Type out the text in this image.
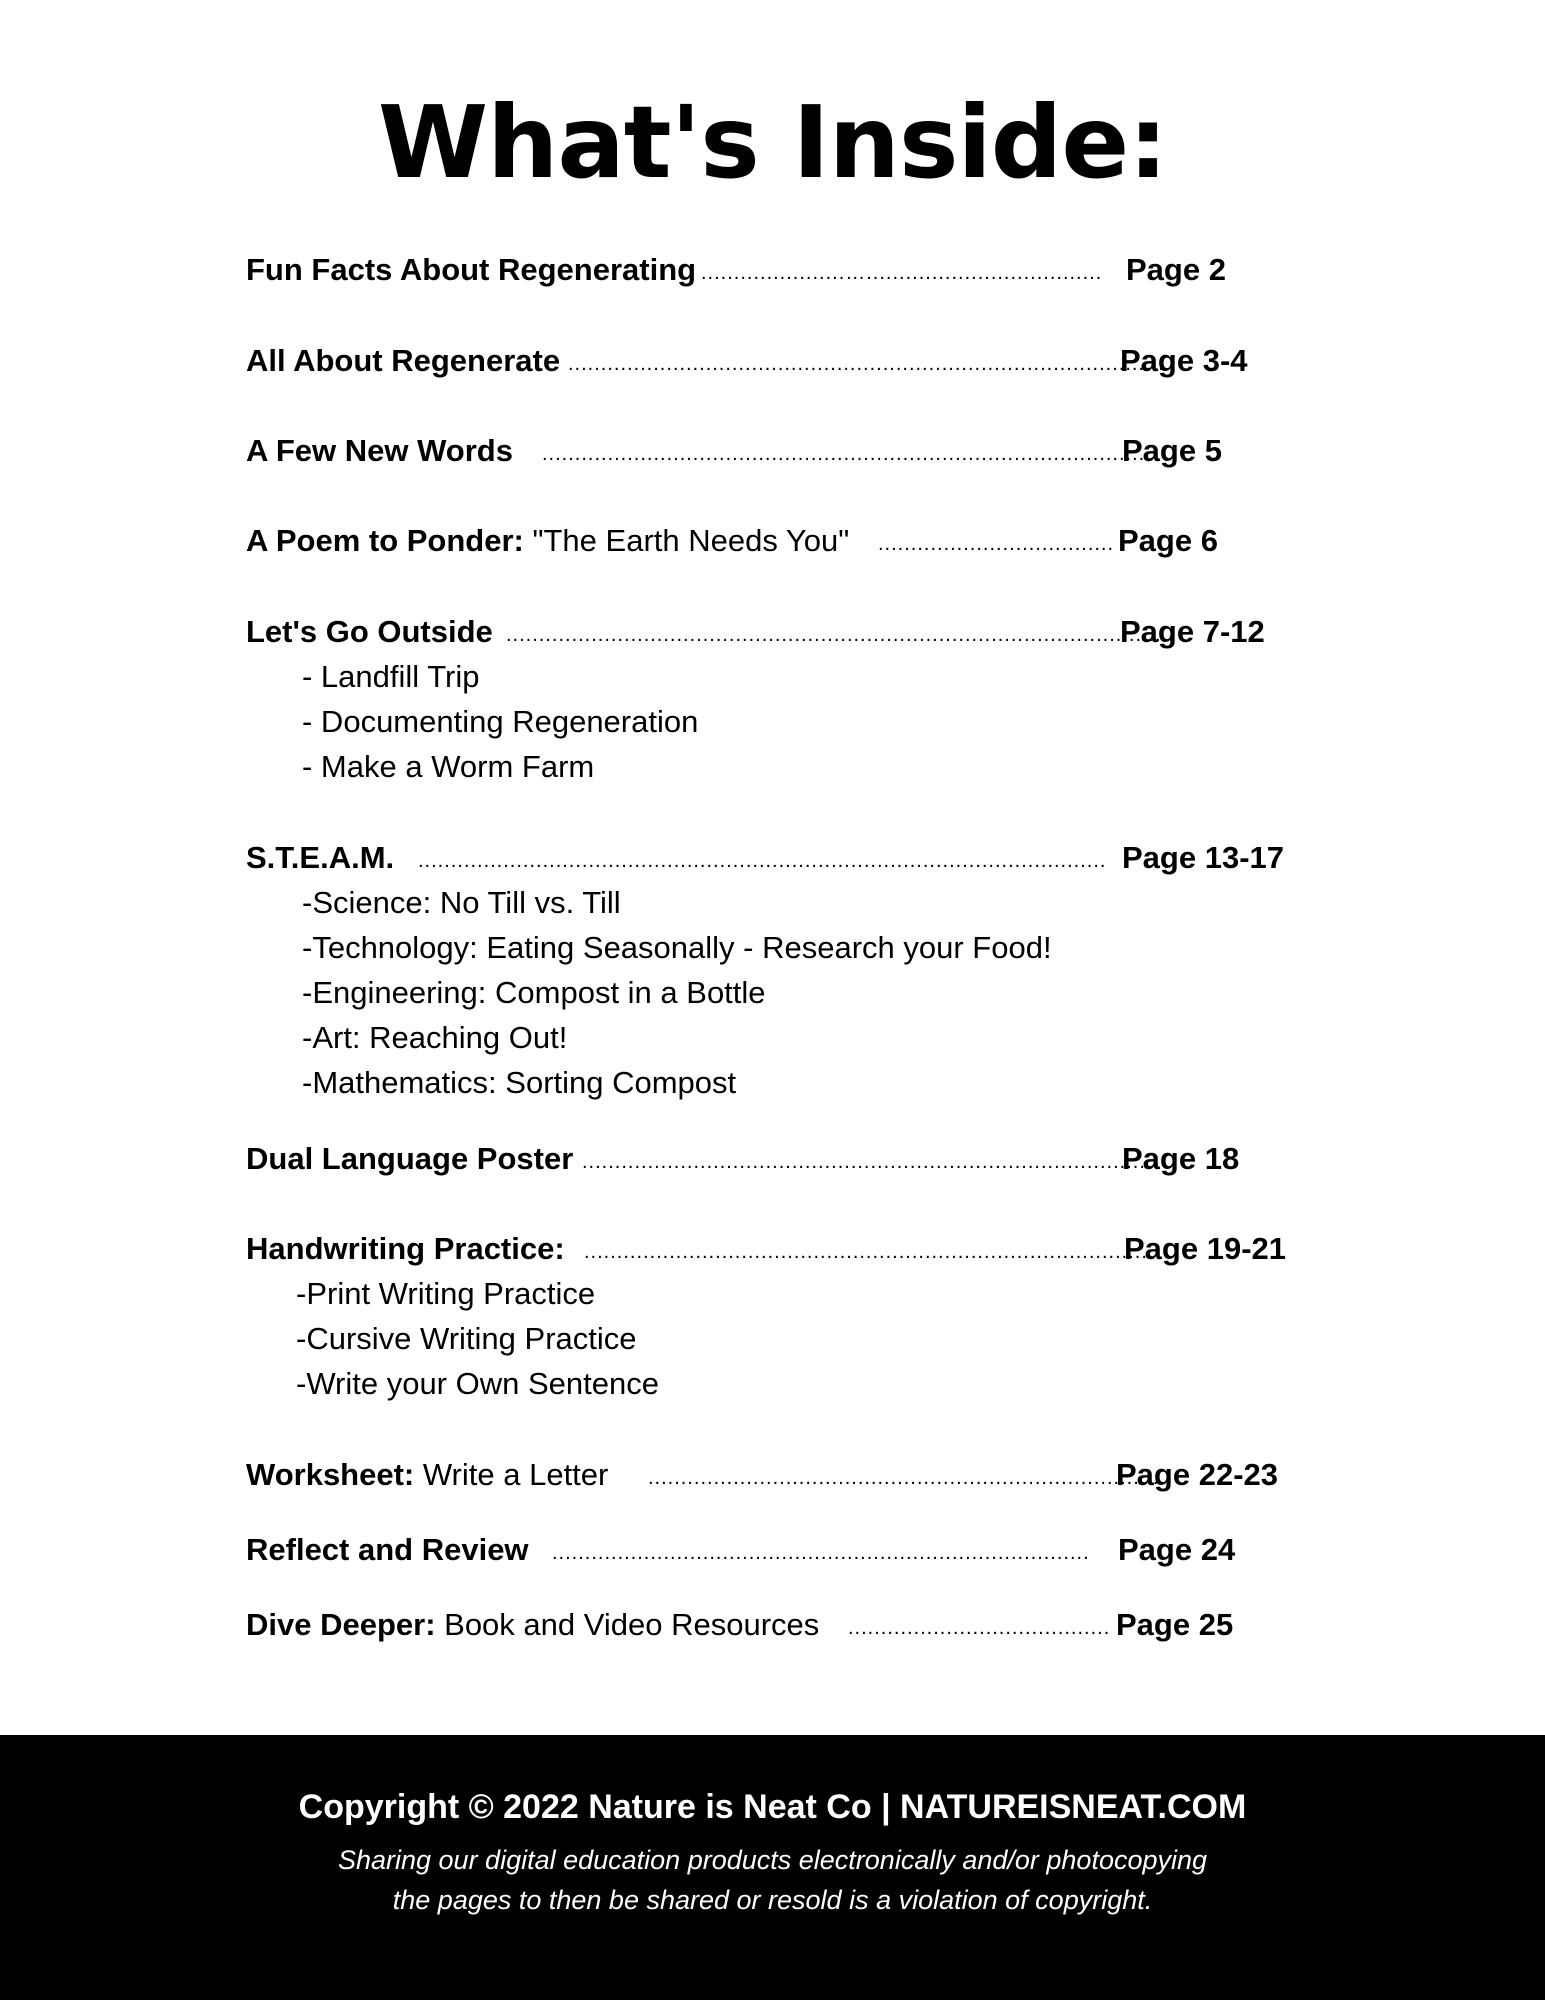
What's Inside:
Fun Facts About Regenerating ......................….................................... Page 2
All About Regenerate ...........................................................................................
Page 3-4
A Few New Words ............................................................................................
Page 5
A Poem to Ponder: "The Earth Needs You" .................................... Page 6
Let's Go Outside ......................................................................................................
Page 7-12
- Landfill Trip
- Documenting Regeneration
- Make a Worm Farm
S.T.E.A.M. ......................................................................................................... Page 13-17
-Science: No Till vs. Till
-Technology: Eating Seasonally - Research your Food!
-Engineering: Compost in a Bottle
-Art: Reaching Out!
-Mathematics: Sorting Compost
Dual Language Poster ........................................................................................
Page 18
Handwriting Practice: .......................................................................................
Page 19-21
-Print Writing Practice
-Cursive Writing Practice
-Write your Own Sentence
Worksheet: Write a Letter ...............................................................................
Page 22-23
Reflect and Review .................................................................................. Page 24
Dive Deeper: Book and Video Resources ........................................ Page 25
Copyright © 2022 Nature is Neat Co | NATUREISNEAT.COM
Sharing our digital education products electronically and/or photocopying
the pages to then be shared or resold is a violation of copyright.
